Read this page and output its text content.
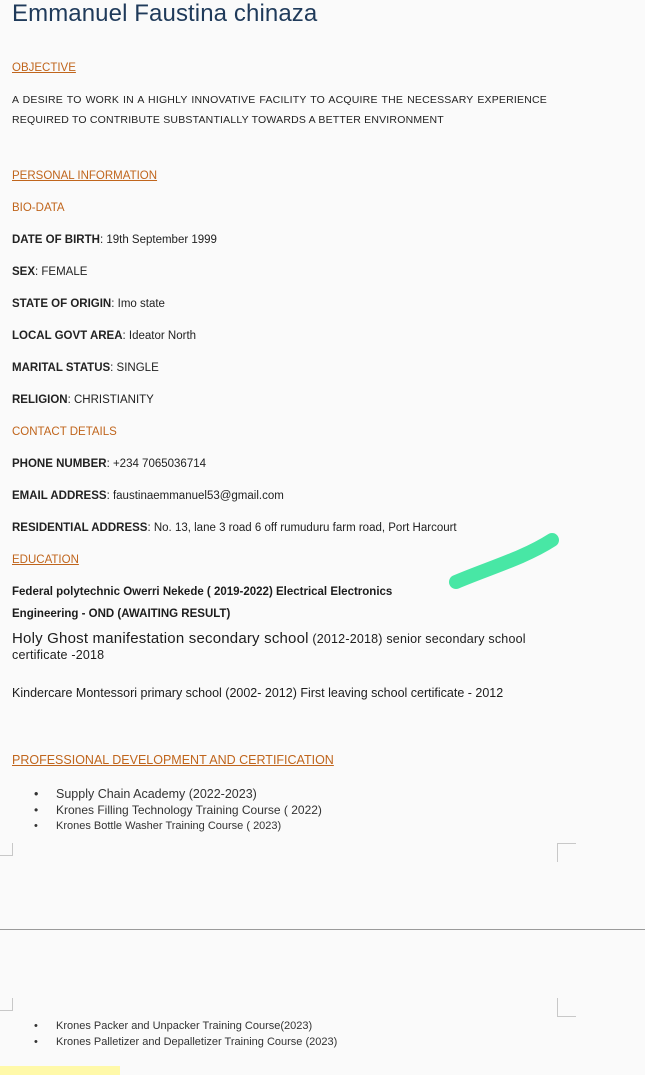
Emmanuel Faustina chinaza
OBJECTIVE
A DESIRE TO WORK IN A HIGHLY INNOVATIVE FACILITY TO ACQUIRE THE NECESSARY EXPERIENCE REQUIRED TO CONTRIBUTE SUBSTANTIALLY TOWARDS A BETTER ENVIRONMENT
PERSONAL INFORMATION
BIO-DATA
DATE OF BIRTH: 19th September 1999
SEX: FEMALE
STATE OF ORIGIN: Imo state
LOCAL GOVT AREA: Ideator North
MARITAL STATUS: SINGLE
RELIGION: CHRISTIANITY
CONTACT DETAILS
PHONE NUMBER: +234 7065036714
EMAIL ADDRESS: faustinaemmanuel53@gmail.com
RESIDENTIAL ADDRESS: No. 13, lane 3 road 6 off rumuduru farm road, Port Harcourt
EDUCATION
Federal polytechnic Owerri Nekede ( 2019-2022) Electrical Electronics Engineering - OND (AWAITING RESULT)
Holy Ghost manifestation secondary school (2012-2018) senior secondary school certificate -2018
Kindercare Montessori primary school (2002- 2012) First leaving school certificate - 2012
PROFESSIONAL DEVELOPMENT AND CERTIFICATION
• Supply Chain Academy (2022-2023)
• Krones Filling Technology Training Course ( 2022)
• Krones Bottle Washer Training Course ( 2023)
• Krones Packer and Unpacker Training Course(2023)
• Krones Palletizer and Depalletizer Training Course (2023)
